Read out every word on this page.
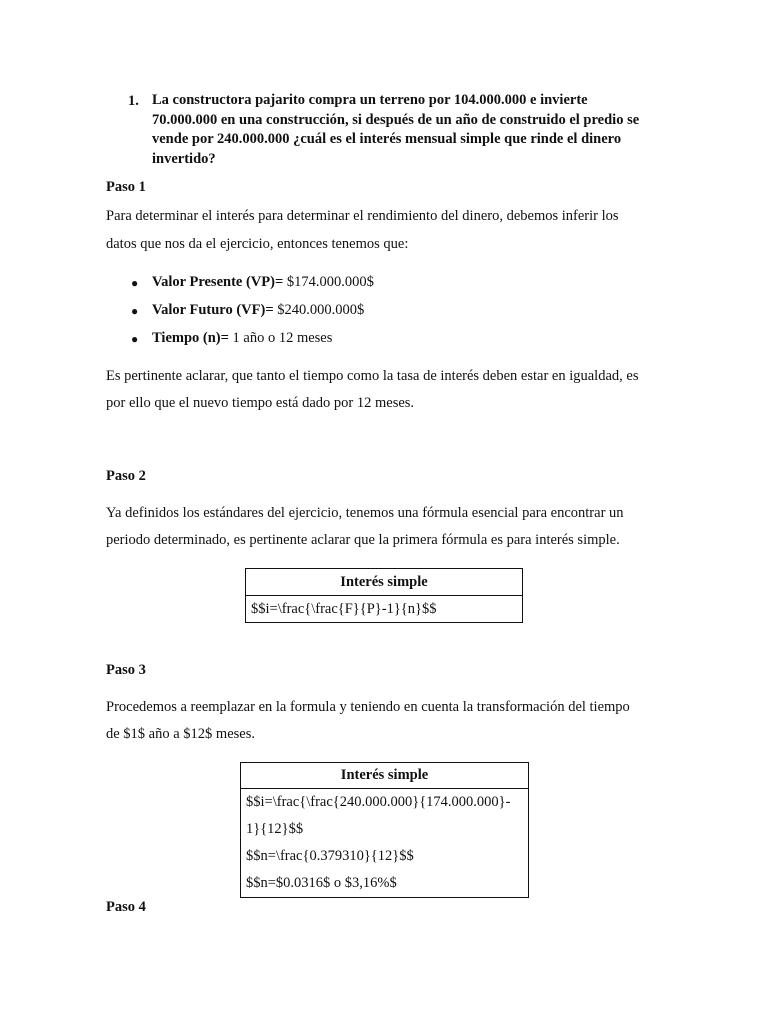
1. La constructora pajarito compra un terreno por 104.000.000 e invierte
70.000.000 en una construcción, si después de un año de construido el predio se
vende por 240.000.000 ¿cuál es el interés mensual simple que rinde el dinero
invertido?
Paso 1
Para determinar el interés para determinar el rendimiento del dinero, debemos inferir los
datos que nos da el ejercicio, entonces tenemos que:
● Valor Presente (VP)= $174.000.000$
● Valor Futuro (VF)= $240.000.000$
● Tiempo (n)= 1 año o 12 meses
Es pertinente aclarar, que tanto el tiempo como la tasa de interés deben estar en igualdad, es
por ello que el nuevo tiempo está dado por 12 meses.
Paso 2
Ya definidos los estándares del ejercicio, tenemos una fórmula esencial para encontrar un
periodo determinado, es pertinente aclarar que la primera fórmula es para interés simple.
Interés simple
$$i=\frac{\frac{F}{P}-1}{n}$$
Paso 3
Procedemos a reemplazar en la formula y teniendo en cuenta la transformación del tiempo
de $1$ año a $12$ meses.
Interés simple
$$i=\frac{\frac{240.000.000}{174.000.000}-
1}{12}$$
$$n=\frac{0.379310}{12}$$
$$n=$0.0316$ o $3,16%$
Paso 4
